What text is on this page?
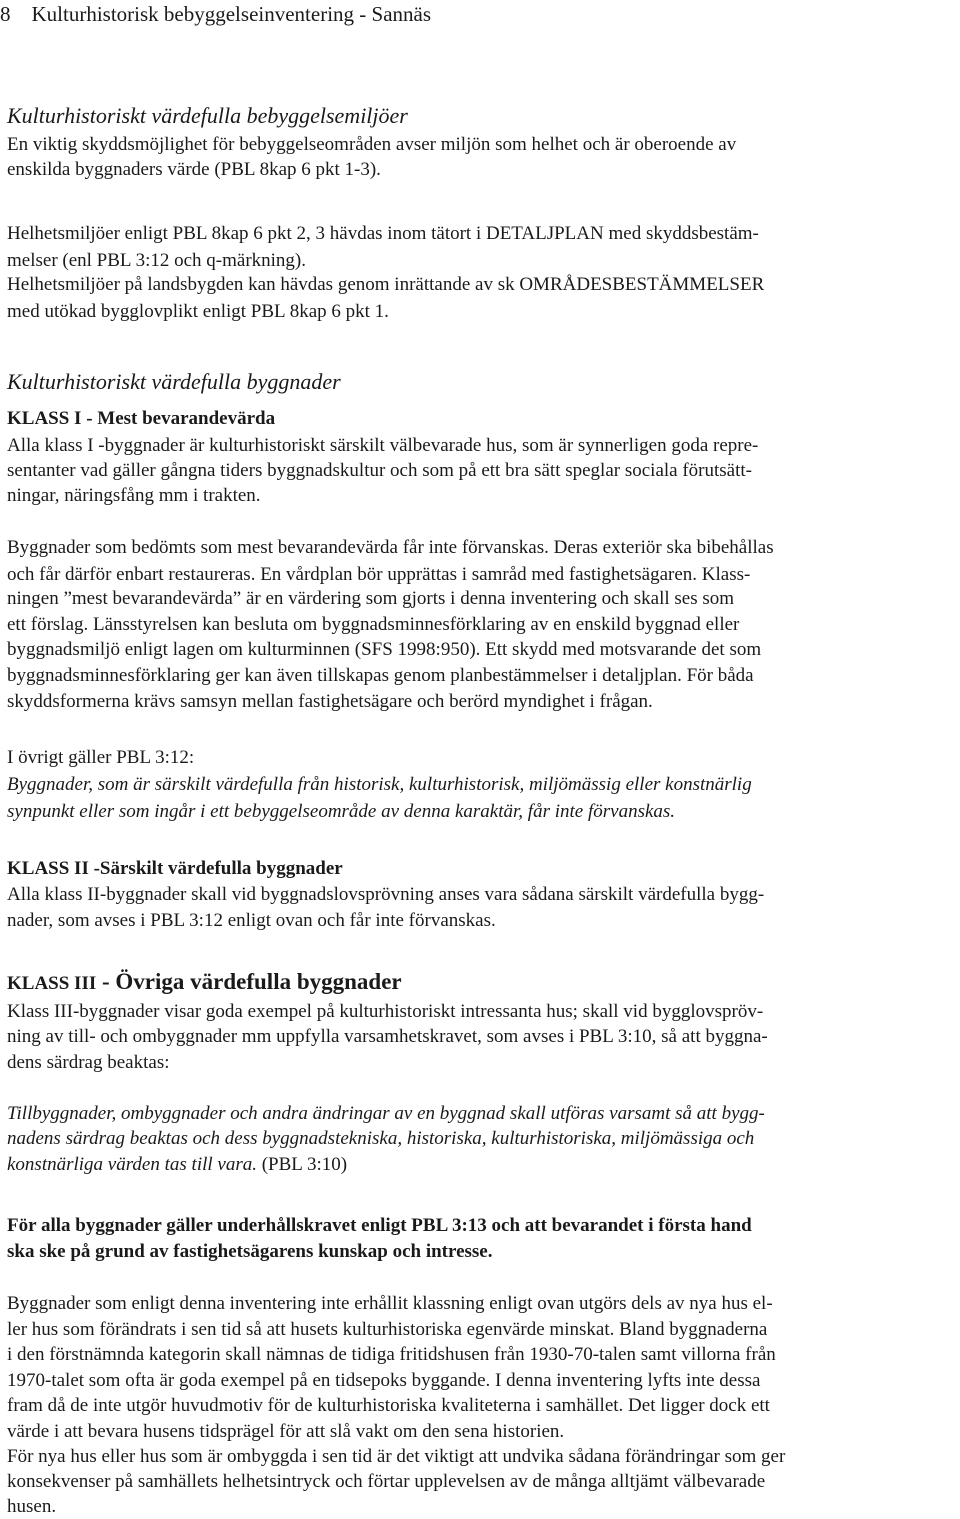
8 Kulturhistorisk bebyggelseinventering - Sannäs
Kulturhistoriskt värdefulla bebyggelsemiljöer
En viktig skyddsmöjlighet för bebyggelseområden avser miljön som helhet och är oberoende av
enskilda byggnaders värde (PBL 8kap 6 pkt 1-3).
Helhetsmiljöer enligt PBL 8kap 6 pkt 2, 3 hävdas inom tätort i DETALJPLAN med skyddsbestäm-
melser (enl PBL 3:12 och q-märkning).
Helhetsmiljöer på landsbygden kan hävdas genom inrättande av sk OMRÅDESBESTÄMMELSER
med utökad bygglovplikt enligt PBL 8kap 6 pkt 1.
Kulturhistoriskt värdefulla byggnader
KLASS I - Mest bevarandevärda
Alla klass I -byggnader är kulturhistoriskt särskilt välbevarade hus, som är synnerligen goda repre-
sentanter vad gäller gångna tiders byggnadskultur och som på ett bra sätt speglar sociala förutsätt-
ningar, näringsfång mm i trakten.
Byggnader som bedömts som mest bevarandevärda får inte förvanskas. Deras exteriör ska bibehållas
och får därför enbart restaureras. En vårdplan bör upprättas i samråd med fastighetsägaren. Klass-
ningen ”mest bevarandevärda” är en värdering som gjorts i denna inventering och skall ses som
ett förslag. Länsstyrelsen kan besluta om byggnadsminnesförklaring av en enskild byggnad eller
byggnadsmiljö enligt lagen om kulturminnen (SFS 1998:950). Ett skydd med motsvarande det som
byggnadsminnesförklaring ger kan även tillskapas genom planbestämmelser i detaljplan. För båda
skyddsformerna krävs samsyn mellan fastighetsägare och berörd myndighet i frågan.
I övrigt gäller PBL 3:12:
Byggnader, som är särskilt värdefulla från historisk, kulturhistorisk, miljömässig eller konstnärlig
synpunkt eller som ingår i ett bebyggelseområde av denna karaktär, får inte förvanskas.
KLASS II -Särskilt värdefulla byggnader
Alla klass II-byggnader skall vid byggnadslovsprövning anses vara sådana särskilt värdefulla bygg-
nader, som avses i PBL 3:12 enligt ovan och får inte förvanskas.
KLASS III - Övriga värdefulla byggnader
Klass III-byggnader visar goda exempel på kulturhistoriskt intressanta hus; skall vid bygglovspröv-
ning av till- och ombyggnader mm uppfylla varsamhetskravet, som avses i PBL 3:10, så att byggna-
dens särdrag beaktas:
Tillbyggnader, ombyggnader och andra ändringar av en byggnad skall utföras varsamt så att bygg-
nadens särdrag beaktas och dess byggnadstekniska, historiska, kulturhistoriska, miljömässiga och
konstnärliga värden tas till vara. (PBL 3:10)
För alla byggnader gäller underhållskravet enligt PBL 3:13 och att bevarandet i första hand
ska ske på grund av fastighetsägarens kunskap och intresse.
Byggnader som enligt denna inventering inte erhållit klassning enligt ovan utgörs dels av nya hus el-
ler hus som förändrats i sen tid så att husets kulturhistoriska egenvärde minskat. Bland byggnaderna
i den förstnämnda kategorin skall nämnas de tidiga fritidshusen från 1930-70-talen samt villorna från
1970-talet som ofta är goda exempel på en tidsepoks byggande. I denna inventering lyfts inte dessa
fram då de inte utgör huvudmotiv för de kulturhistoriska kvaliteterna i samhället. Det ligger dock ett
värde i att bevara husens tidsprägel för att slå vakt om den sena historien.
För nya hus eller hus som är ombyggda i sen tid är det viktigt att undvika sådana förändringar som ger
konsekvenser på samhällets helhetsintryck och förtar upplevelsen av de många alltjämt välbevarade
husen.
